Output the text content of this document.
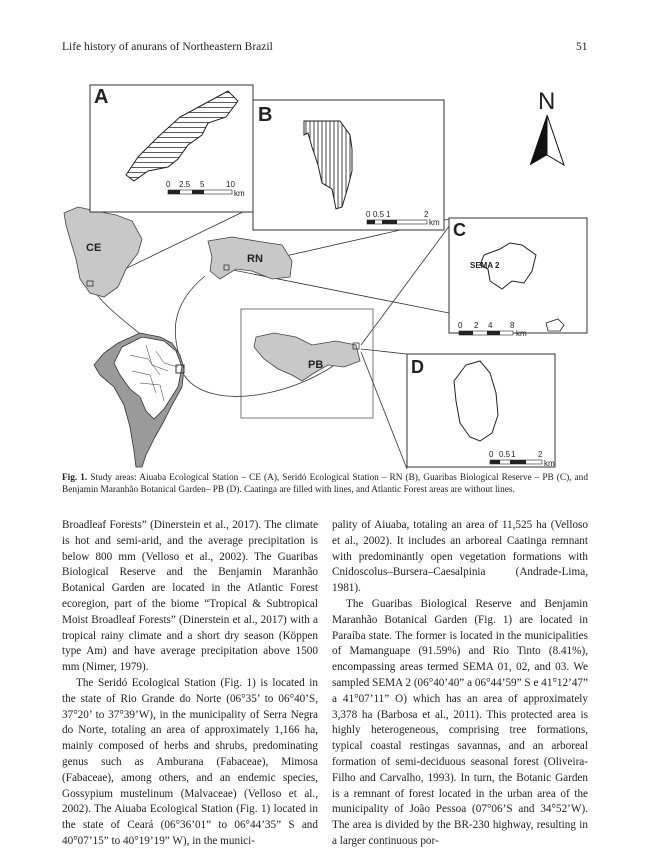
Life history of anurans of Northeastern Brazil	51
CE
RN
PB
A
0 2.5 5	10
km
B
0 0.5 1	2
km
N
C
SEMA 2
0 2 4 8
km
D
0 0.5 1	2
km
Fig. 1. Study areas: Aiuaba Ecological Station – CE (A), Seridó Ecological Station – RN (B), Guaribas Biological Reserve – PB (C), and Benjamin Maranhão Botanical Garden– PB (D). Caatinga are filled with lines, and Atlantic Forest areas are without lines.

Broadleaf Forests” (Dinerstein et al., 2017). The climate is hot and semi-arid, and the average precipitation is below 800 mm (Velloso et al., 2002). The Guaribas Biological Reserve and the Benjamin Maranhão Botanical Garden are located in the Atlantic Forest ecoregion, part of the biome “Tropical & Subtropical Moist Broadleaf Forests” (Dinerstein et al., 2017) with a tropical rainy climate and a short dry season (Köppen type Am) and have average precipitation above 1500 mm (Nimer, 1979).

The Seridó Ecological Station (Fig. 1) is located in the state of Rio Grande do Norte (06°35’ to 06°40’S, 37°20’ to 37°39’W), in the municipality of Serra Negra do Norte, totaling an area of approximately 1,166 ha, mainly composed of herbs and shrubs, predominating genus such as Amburana (Fabaceae), Mimosa (Fabaceae), among others, and an endemic species, Gossypium mustelinum (Malvaceae) (Velloso et al., 2002). The Aiuaba Ecological Station (Fig. 1) located in the state of Ceará (06°36’01” to 06°44’35” S and 40°07’15” to 40°19’19” W), in the munici-

pality of Aiuaba, totaling an area of 11,525 ha (Velloso et al., 2002). It includes an arboreal Caatinga remnant with predominantly open vegetation formations with Cnidoscolus–Bursera–Caesalpinia (Andrade-Lima, 1981).

The Guaribas Biological Reserve and Benjamin Maranhão Botanical Garden (Fig. 1) are located in Paraíba state. The former is located in the municipalities of Mamanguape (91.59%) and Rio Tinto (8.41%), encompassing areas termed SEMA 01, 02, and 03. We sampled SEMA 2 (06°40’40” a 06°44’59” S e 41°12’47” a 41°07’11” O) which has an area of approximately 3,378 ha (Barbosa et al., 2011). This protected area is highly heterogeneous, comprising tree formations, typical coastal restingas savannas, and an arboreal formation of semi-deciduous seasonal forest (Oliveira-Filho and Carvalho, 1993). In turn, the Botanic Garden is a remnant of forest located in the urban area of the municipality of João Pessoa (07°06’S and 34°52’W). The area is divided by the BR-230 highway, resulting in a larger continuous por-
